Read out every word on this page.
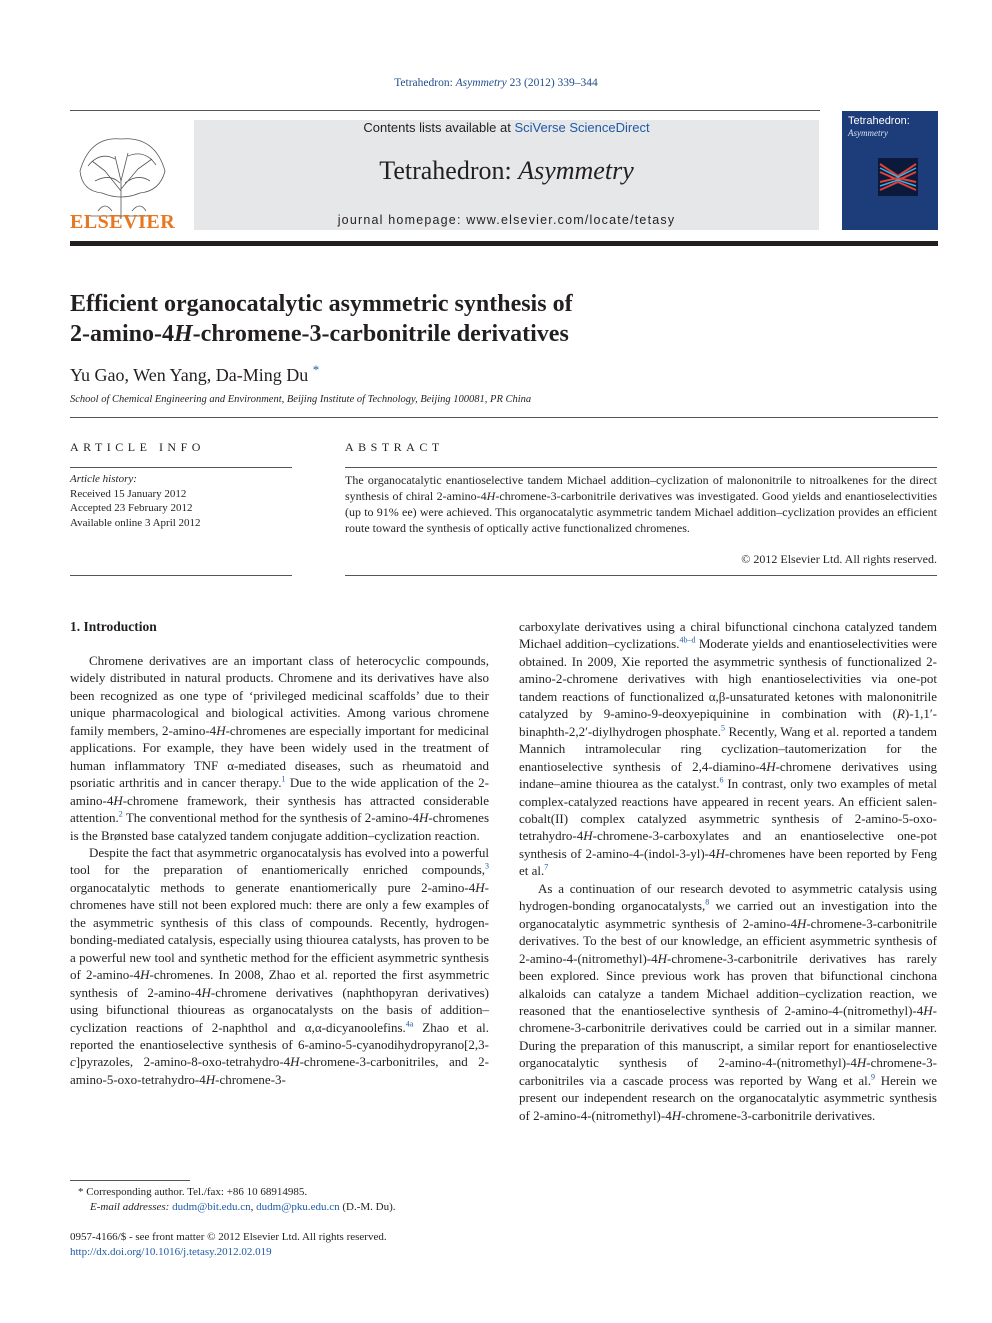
Tetrahedron: Asymmetry 23 (2012) 339–344
ELSEVIER
Contents lists available at SciVerse ScienceDirect
Tetrahedron: Asymmetry
journal homepage: www.elsevier.com/locate/tetasy
Tetrahedron:
Asymmetry
Efficient organocatalytic asymmetric synthesis of
2-amino-4H-chromene-3-carbonitrile derivatives
Yu Gao, Wen Yang, Da-Ming Du *
School of Chemical Engineering and Environment, Beijing Institute of Technology, Beijing 100081, PR China
ARTICLE INFO	ABSTRACT
Article history:
Received 15 January 2012
Accepted 23 February 2012
Available online 3 April 2012
The organocatalytic enantioselective tandem Michael addition–cyclization of malononitrile to nitroalkenes for the direct synthesis of chiral 2-amino-4H-chromene-3-carbonitrile derivatives was investigated. Good yields and enantioselectivities (up to 91% ee) were achieved. This organocatalytic asymmetric tandem Michael addition–cyclization provides an efficient route toward the synthesis of optically active functionalized chromenes.
© 2012 Elsevier Ltd. All rights reserved.
1. Introduction

Chromene derivatives are an important class of heterocyclic compounds, widely distributed in natural products. Chromene and its derivatives have also been recognized as one type of ‘privileged medicinal scaffolds’ due to their unique pharmacological and biological activities. Among various chromene family members, 2-amino-4H-chromenes are especially important for medicinal applications. For example, they have been widely used in the treatment of human inflammatory TNF α-mediated diseases, such as rheumatoid and psoriatic arthritis and in cancer therapy.$^1$ Due to the wide application of the 2-amino-4H-chromene framework, their synthesis has attracted considerable attention.$^2$ The conventional method for the synthesis of 2-amino-4H-chromenes is the Brønsted base catalyzed tandem conjugate addition–cyclization reaction.

Despite the fact that asymmetric organocatalysis has evolved into a powerful tool for the preparation of enantiomerically enriched compounds,$^3$ organocatalytic methods to generate enantiomerically pure 2-amino-4H-chromenes have still not been explored much: there are only a few examples of the asymmetric synthesis of this class of compounds. Recently, hydrogen-bonding-mediated catalysis, especially using thiourea catalysts, has proven to be a powerful new tool and synthetic method for the efficient asymmetric synthesis of 2-amino-4H-chromenes. In 2008, Zhao et al. reported the first asymmetric synthesis of 2-amino-4H-chromene derivatives (naphthopyran derivatives) using bifunctional thioureas as organocatalysts on the basis of addition–cyclization reactions of 2-naphthol and α,α-dicyanoolefins.$^{4a}$ Zhao et al. reported the enantioselective synthesis of 6-amino-5-cyanodihydropyrano[2,3-c]pyrazoles, 2-amino-8-oxo-tetrahydro-4H-chromene-3-carbonitriles, and 2-amino-5-oxo-tetrahydro-4H-chromene-3-

carboxylate derivatives using a chiral bifunctional cinchona catalyzed tandem Michael addition–cyclizations.$^{4b-d}$ Moderate yields and enantioselectivities were obtained. In 2009, Xie reported the asymmetric synthesis of functionalized 2-amino-2-chromene derivatives with high enantioselectivities via one-pot tandem reactions of functionalized α,β-unsaturated ketones with malononitrile catalyzed by 9-amino-9-deoxyepiquinine in combination with (R)-1,1′-binaphth-2,2′-diylhydrogen phosphate.$^5$ Recently, Wang et al. reported a tandem Mannich intramolecular ring cyclization–tautomerization for the enantioselective synthesis of 2,4-diamino-4H-chromene derivatives using indane–amine thiourea as the catalyst.$^6$ In contrast, only two examples of metal complex-catalyzed reactions have appeared in recent years. An efficient salen-cobalt(II) complex catalyzed asymmetric synthesis of 2-amino-5-oxo-tetrahydro-4H-chromene-3-carboxylates and an enantioselective one-pot synthesis of 2-amino-4-(indol-3-yl)-4H-chromenes have been reported by Feng et al.$^7$

As a continuation of our research devoted to asymmetric catalysis using hydrogen-bonding organocatalysts,$^8$ we carried out an investigation into the organocatalytic asymmetric synthesis of 2-amino-4H-chromene-3-carbonitrile derivatives. To the best of our knowledge, an efficient asymmetric synthesis of 2-amino-4-(nitromethyl)-4H-chromene-3-carbonitrile derivatives has rarely been explored. Since previous work has proven that bifunctional cinchona alkaloids can catalyze a tandem Michael addition–cyclization reaction, we reasoned that the enantioselective synthesis of 2-amino-4-(nitromethyl)-4H-chromene-3-carbonitrile derivatives could be carried out in a similar manner. During the preparation of this manuscript, a similar report for enantioselective organocatalytic synthesis of 2-amino-4-(nitromethyl)-4H-chromene-3-carbonitriles via a cascade process was reported by Wang et al.$^9$ Herein we present our independent research on the organocatalytic asymmetric synthesis of 2-amino-4-(nitromethyl)-4H-chromene-3-carbonitrile derivatives.

* Corresponding author. Tel./fax: +86 10 68914985.
E-mail addresses: dudm@bit.edu.cn, dudm@pku.edu.cn (D.-M. Du).
0957-4166/$ - see front matter © 2012 Elsevier Ltd. All rights reserved.
http://dx.doi.org/10.1016/j.tetasy.2012.02.019
